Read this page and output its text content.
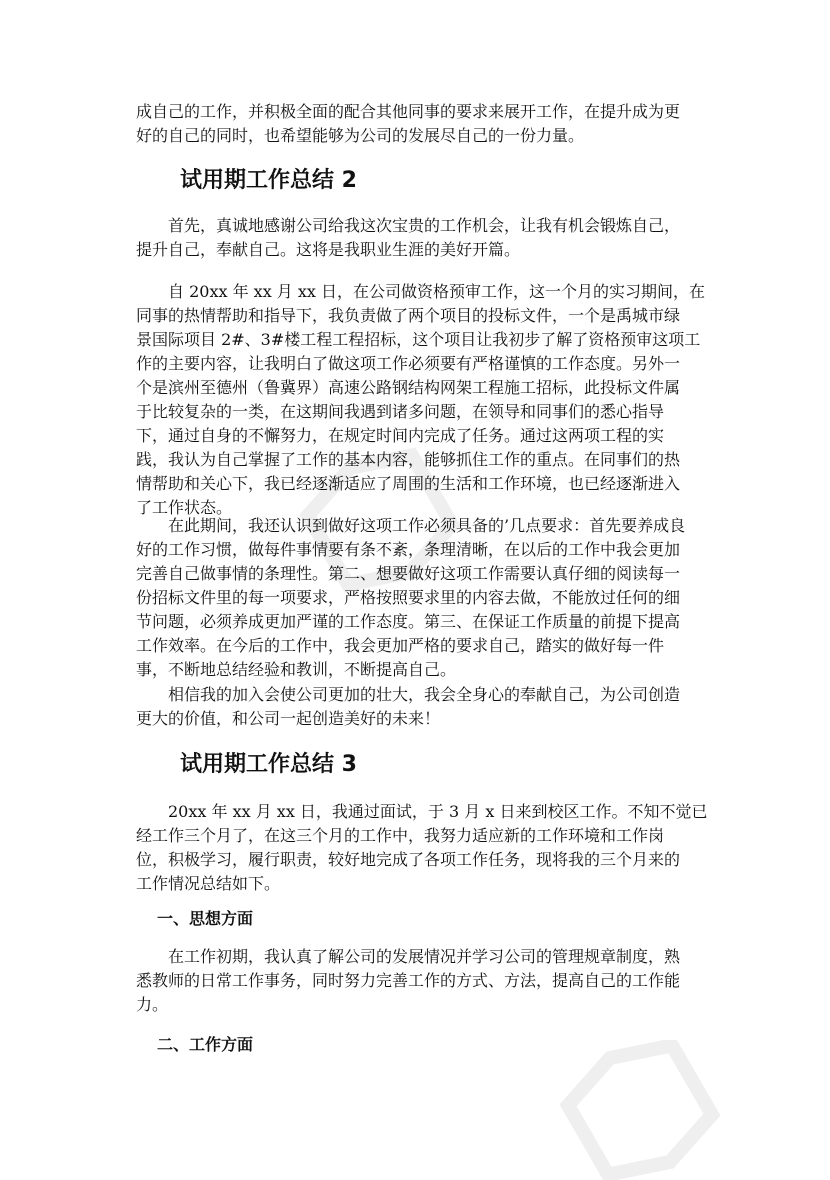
成自己的工作，并积极全面的配合其他同事的要求来展开工作，在提升成为更
好的自己的同时，也希望能够为公司的发展尽自己的一份力量。

试用期工作总结 2

　　首先，真诚地感谢公司给我这次宝贵的工作机会，让我有机会锻炼自己，
提升自己，奉献自己。这将是我职业生涯的美好开篇。

　　自 20xx 年 xx 月 xx 日，在公司做资格预审工作，这一个月的实习期间，在
同事的热情帮助和指导下，我负责做了两个项目的投标文件，一个是禹城市绿
景国际项目 2#、3#楼工程工程招标，这个项目让我初步了解了资格预审这项工
作的主要内容，让我明白了做这项工作必须要有严格谨慎的工作态度。另外一
个是滨州至德州（鲁冀界）高速公路钢结构网架工程施工招标，此投标文件属
于比较复杂的一类，在这期间我遇到诸多问题，在领导和同事们的悉心指导
下，通过自身的不懈努力，在规定时间内完成了任务。通过这两项工程的实
践，我认为自己掌握了工作的基本内容，能够抓住工作的重点。在同事们的热
情帮助和关心下，我已经逐渐适应了周围的生活和工作环境，也已经逐渐进入
了工作状态。

　　在此期间，我还认识到做好这项工作必须具备的’几点要求：首先要养成良
好的工作习惯，做每件事情要有条不紊，条理清晰，在以后的工作中我会更加
完善自己做事情的条理性。第二、想要做好这项工作需要认真仔细的阅读每一
份招标文件里的每一项要求，严格按照要求里的内容去做，不能放过任何的细
节问题，必须养成更加严谨的工作态度。第三、在保证工作质量的前提下提高
工作效率。在今后的工作中，我会更加严格的要求自己，踏实的做好每一件
事，不断地总结经验和教训，不断提高自己。

　　相信我的加入会使公司更加的壮大，我会全身心的奉献自己，为公司创造
更大的价值，和公司一起创造美好的未来！

试用期工作总结 3

　　20xx 年 xx 月 xx 日，我通过面试，于 3 月 x 日来到校区工作。不知不觉已
经工作三个月了，在这三个月的工作中，我努力适应新的工作环境和工作岗
位，积极学习，履行职责，较好地完成了各项工作任务，现将我的三个月来的
工作情况总结如下。

一、思想方面

　　在工作初期，我认真了解公司的发展情况并学习公司的管理规章制度，熟
悉教师的日常工作事务，同时努力完善工作的方式、方法，提高自己的工作能
力。

二、工作方面
